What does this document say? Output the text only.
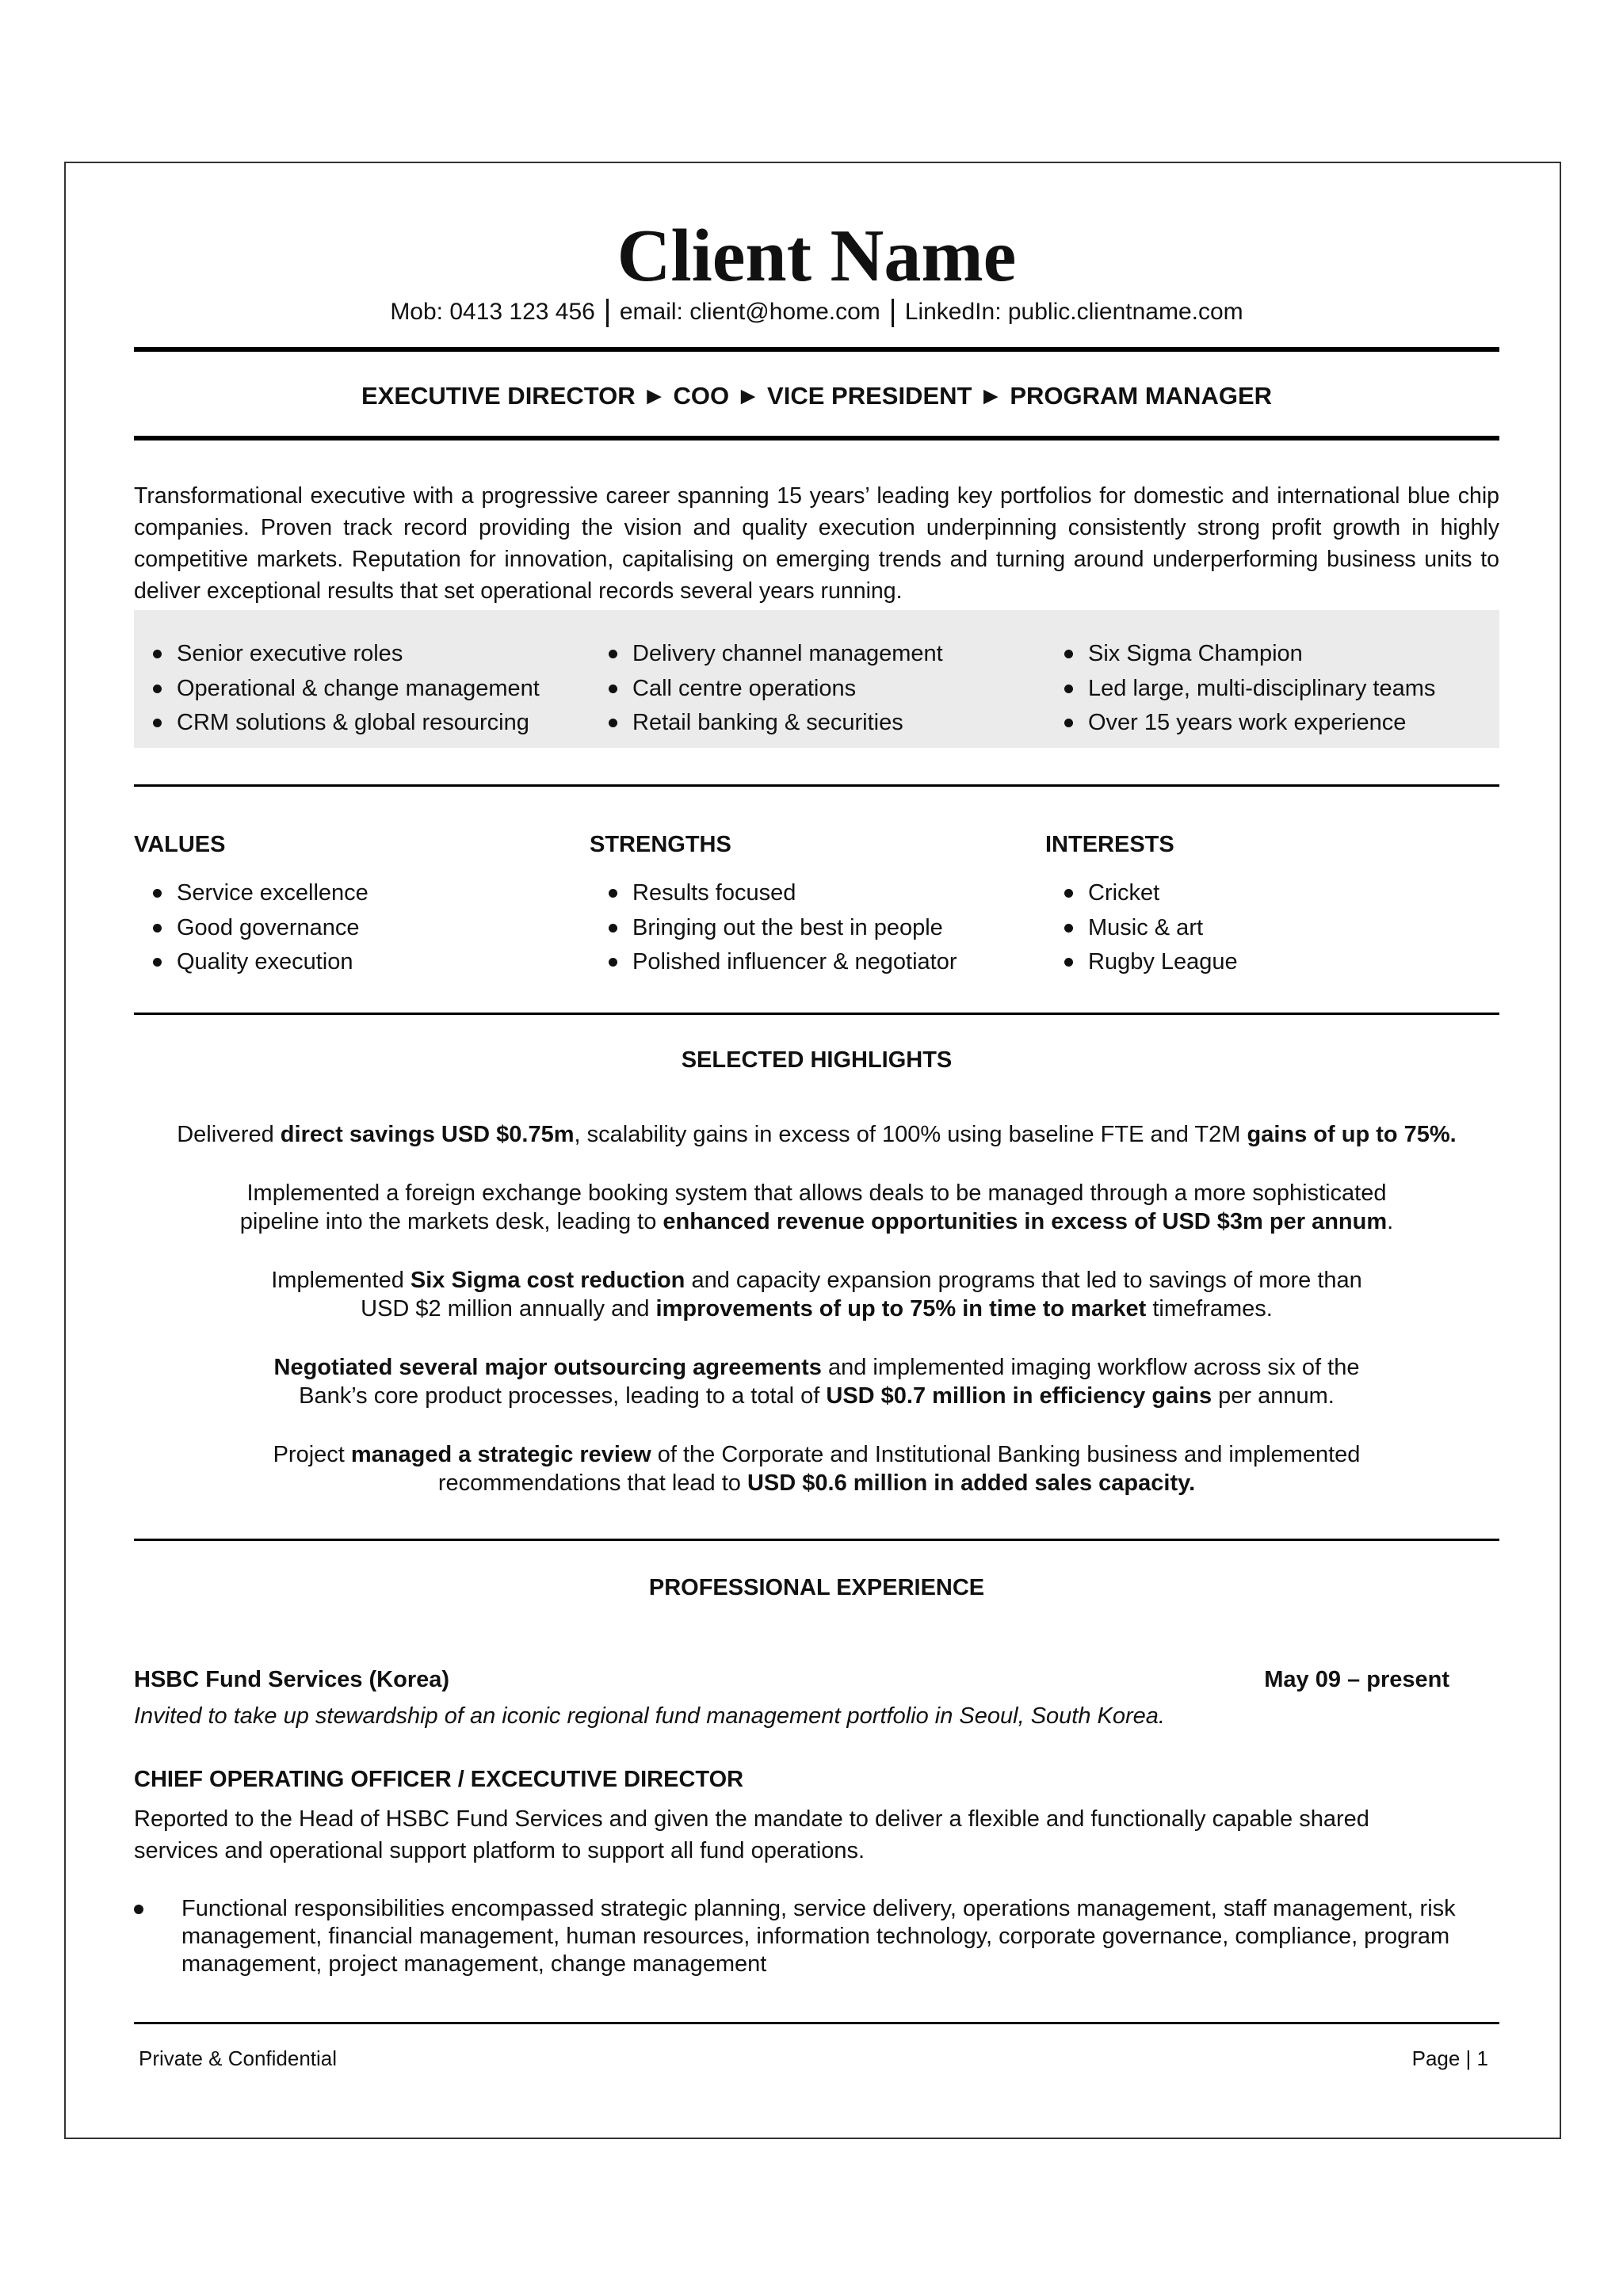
Client Name
Mob: 0413 123 456 email: client@home.com LinkedIn: public.clientname.com
EXECUTIVE DIRECTOR ► COO ► VICE PRESIDENT ► PROGRAM MANAGER
Transformational executive with a progressive career spanning 15 years’ leading key portfolios for domestic and international blue chip companies. Proven track record providing the vision and quality execution underpinning consistently strong profit growth in highly competitive markets. Reputation for innovation, capitalising on emerging trends and turning around underperforming business units to deliver exceptional results that set operational records several years running.
Senior executive roles
Operational & change management
CRM solutions & global resourcing
Delivery channel management
Call centre operations
Retail banking & securities
Six Sigma Champion
Led large, multi-disciplinary teams
Over 15 years work experience
VALUES
Service excellence
Good governance
Quality execution
STRENGTHS
Results focused
Bringing out the best in people
Polished influencer & negotiator
INTERESTS
Cricket
Music & art
Rugby League
SELECTED HIGHLIGHTS
Delivered direct savings USD $0.75m, scalability gains in excess of 100% using baseline FTE and T2M gains of up to 75%.
Implemented a foreign exchange booking system that allows deals to be managed through a more sophisticated
pipeline into the markets desk, leading to enhanced revenue opportunities in excess of USD $3m per annum.
Implemented Six Sigma cost reduction and capacity expansion programs that led to savings of more than
USD $2 million annually and improvements of up to 75% in time to market timeframes.
Negotiated several major outsourcing agreements and implemented imaging workflow across six of the
Bank’s core product processes, leading to a total of USD $0.7 million in efficiency gains per annum.
Project managed a strategic review of the Corporate and Institutional Banking business and implemented
recommendations that lead to USD $0.6 million in added sales capacity.
PROFESSIONAL EXPERIENCE
HSBC Fund Services (Korea)	May 09 – present
Invited to take up stewardship of an iconic regional fund management portfolio in Seoul, South Korea.
CHIEF OPERATING OFFICER / EXCECUTIVE DIRECTOR
Reported to the Head of HSBC Fund Services and given the mandate to deliver a flexible and functionally capable shared services and operational support platform to support all fund operations.
Functional responsibilities encompassed strategic planning, service delivery, operations management, staff management, risk management, financial management, human resources, information technology, corporate governance, compliance, program management, project management, change management
Private & Confidential	Page | 1
